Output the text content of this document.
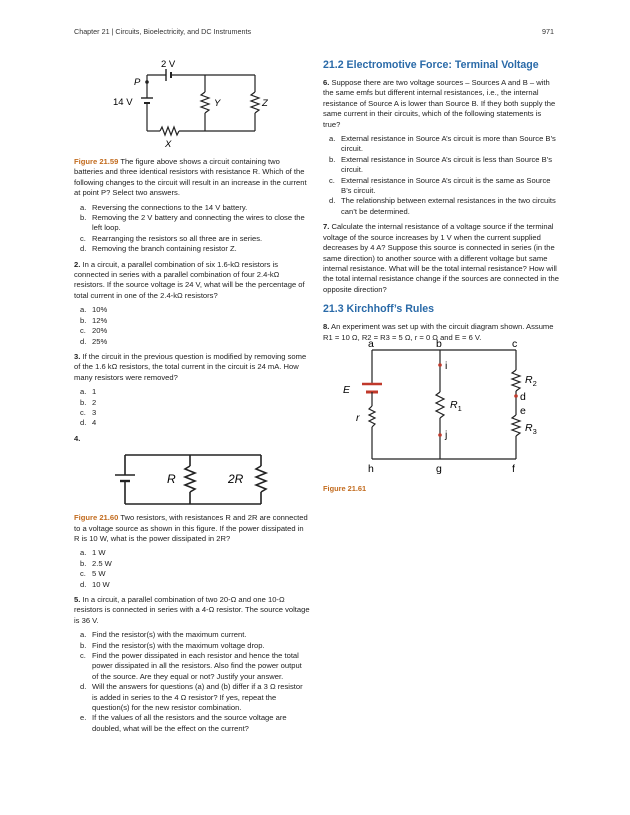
Chapter 21 | Circuits, Bioelectricity, and DC Instruments	971
2 V
P
14 V	Y	Z
X

Figure 21.59 The figure above shows a circuit containing two batteries and three identical resistors with resistance R. Which of the following changes to the circuit will result in an increase in the current at point P? Select two answers.

a. Reversing the connections to the 14 V battery.
b. Removing the 2 V battery and connecting the wires to close the left loop.
c. Rearranging the resistors so all three are in series.
d. Removing the branch containing resistor Z.

2. In a circuit, a parallel combination of six 1.6-kΩ resistors is connected in series with a parallel combination of four 2.4-kΩ resistors. If the source voltage is 24 V, what will be the percentage of total current in one of the 2.4-kΩ resistors?

a. 10%
b. 12%
c. 20%
d. 25%

3. If the circuit in the previous question is modified by removing some of the 1.6 kΩ resistors, the total current in the circuit is 24 mA. How many resistors were removed?

a. 1
b. 2
c. 3
d. 4

4.

R	2R

Figure 21.60 Two resistors, with resistances R and 2R are connected to a voltage source as shown in this figure. If the power dissipated in R is 10 W, what is the power dissipated in 2R?

a. 1 W
b. 2.5 W
c. 5 W
d. 10 W

5. In a circuit, a parallel combination of two 20-Ω and one 10-Ω resistors is connected in series with a 4-Ω resistor. The source voltage is 36 V.

a. Find the resistor(s) with the maximum current.
b. Find the resistor(s) with the maximum voltage drop.
c. Find the power dissipated in each resistor and hence the total power dissipated in all the resistors. Also find the power output of the source. Are they equal or not? Justify your answer.
d. Will the answers for questions (a) and (b) differ if a 3 Ω resistor is added in series to the 4 Ω resistor? If yes, repeat the question(s) for the new resistor combination.
e. If the values of all the resistors and the source voltage are doubled, what will be the effect on the current?
21.2 Electromotive Force: Terminal Voltage

6. Suppose there are two voltage sources – Sources A and B – with the same emfs but different internal resistances, i.e., the internal resistance of Source A is lower than Source B. If they both supply the same current in their circuits, which of the following statements is true?

a. External resistance in Source A’s circuit is more than Source B’s circuit.
b. External resistance in Source A’s circuit is less than Source B’s circuit.
c. External resistance in Source A’s circuit is the same as Source B’s circuit.
d. The relationship between external resistances in the two circuits can’t be determined.

7. Calculate the internal resistance of a voltage source if the terminal voltage of the source increases by 1 V when the current supplied decreases by 4 A? Suppose this source is connected in series (in the same direction) to another source with a different voltage but same internal resistance. What will be the total internal resistance? How will the total internal resistance change if the sources are connected in the opposite direction?

21.3 Kirchhoff’s Rules

8. An experiment was set up with the circuit diagram shown. Assume R1 = 10 Ω, R2 = R3 = 5 Ω, r = 0 Ω and E = 6 V.

a	b	c
h	g	f
i
j
d
e
E
r
$R_1$
$R_2$
$R_3$
Figure 21.61
